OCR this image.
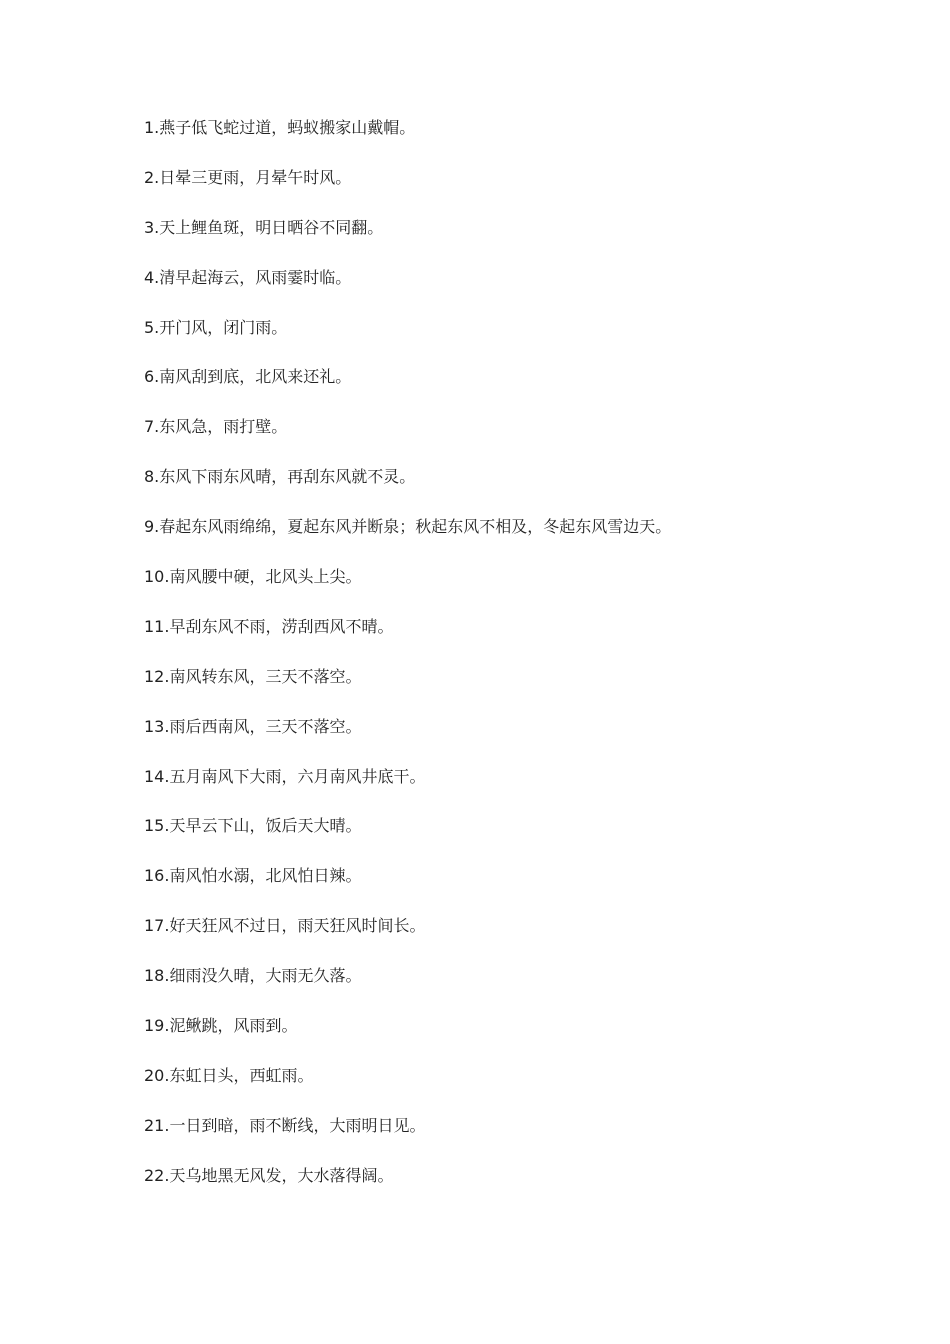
1.燕子低飞蛇过道，蚂蚁搬家山戴帽。
2.日晕三更雨，月晕午时风。
3.天上鲤鱼斑，明日晒谷不同翻。
4.清早起海云，风雨霎时临。
5.开门风，闭门雨。
6.南风刮到底，北风来还礼。
7.东风急，雨打壁。
8.东风下雨东风晴，再刮东风就不灵。
9.春起东风雨绵绵，夏起东风并断泉；秋起东风不相及，冬起东风雪边天。
10.南风腰中硬，北风头上尖。
11.早刮东风不雨，涝刮西风不晴。
12.南风转东风，三天不落空。
13.雨后西南风，三天不落空。
14.五月南风下大雨，六月南风井底干。
15.天早云下山，饭后天大晴。
16.南风怕水溺，北风怕日辣。
17.好天狂风不过日，雨天狂风时间长。
18.细雨没久晴，大雨无久落。
19.泥鳅跳，风雨到。
20.东虹日头，西虹雨。
21.一日到暗，雨不断线，大雨明日见。
22.天乌地黑无风发，大水落得阔。
